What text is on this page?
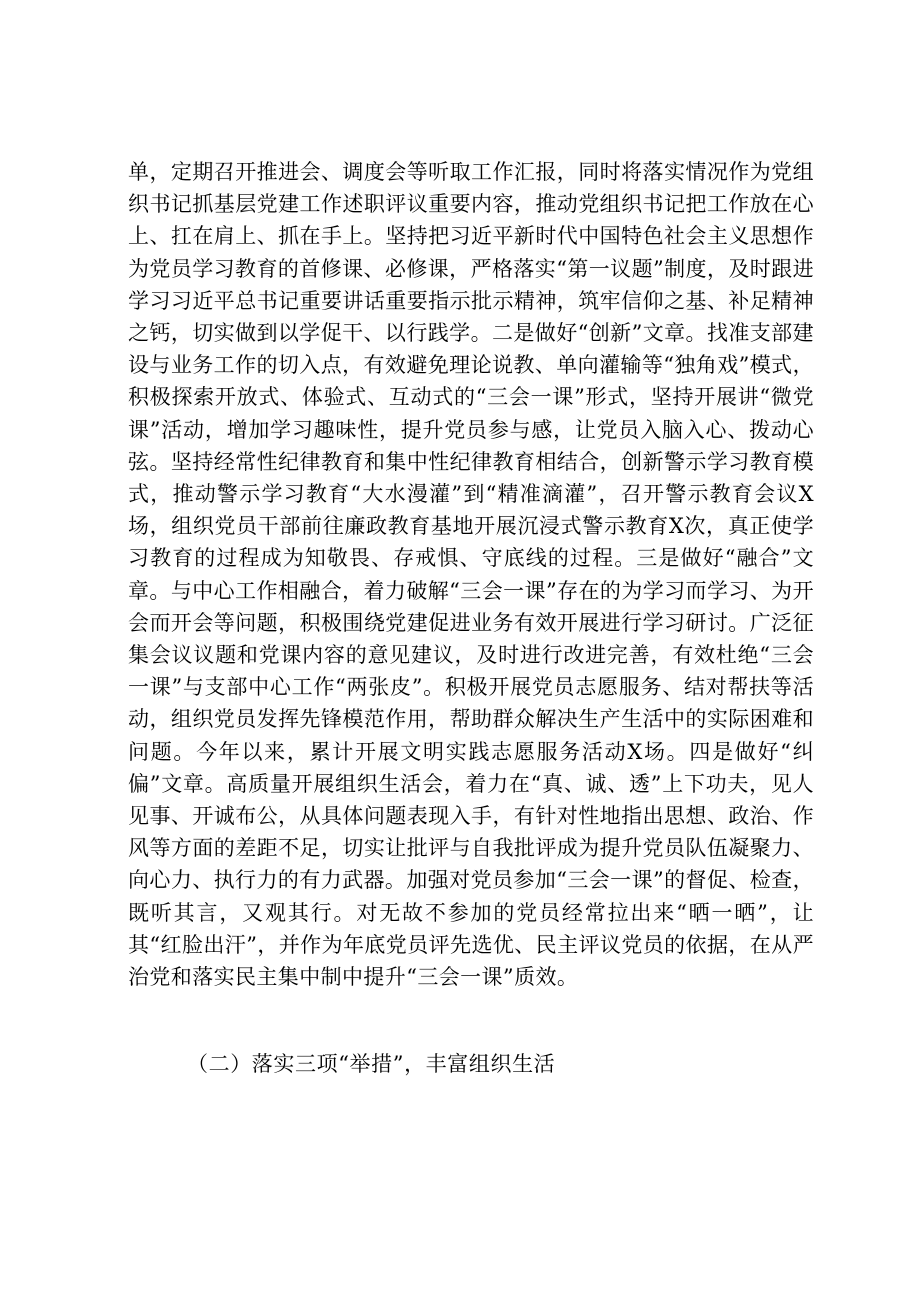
单，定期召开推进会、调度会等听取工作汇报，同时将落实情况作为党组织书记抓基层党建工作述职评议重要内容，推动党组织书记把工作放在心上、扛在肩上、抓在手上。坚持把习近平新时代中国特色社会主义思想作为党员学习教育的首修课、必修课，严格落实“第一议题”制度，及时跟进学习习近平总书记重要讲话重要指示批示精神，筑牢信仰之基、补足精神之钙，切实做到以学促干、以行践学。二是做好“创新”文章。找准支部建设与业务工作的切入点，有效避免理论说教、单向灌输等“独角戏”模式，积极探索开放式、体验式、互动式的“三会一课”形式，坚持开展讲“微党课”活动，增加学习趣味性，提升党员参与感，让党员入脑入心、拨动心弦。坚持经常性纪律教育和集中性纪律教育相结合，创新警示学习教育模式，推动警示学习教育“大水漫灌”到“精准滴灌”，召开警示教育会议X场，组织党员干部前往廉政教育基地开展沉浸式警示教育X次，真正使学习教育的过程成为知敬畏、存戒惧、守底线的过程。三是做好“融合”文章。与中心工作相融合，着力破解“三会一课”存在的为学习而学习、为开会而开会等问题，积极围绕党建促进业务有效开展进行学习研讨。广泛征集会议议题和党课内容的意见建议，及时进行改进完善，有效杜绝“三会一课”与支部中心工作“两张皮”。积极开展党员志愿服务、结对帮扶等活动，组织党员发挥先锋模范作用，帮助群众解决生产生活中的实际困难和问题。今年以来，累计开展文明实践志愿服务活动X场。四是做好“纠偏”文章。高质量开展组织生活会，着力在“真、诚、透”上下功夫，见人见事、开诚布公，从具体问题表现入手，有针对性地指出思想、政治、作风等方面的差距不足，切实让批评与自我批评成为提升党员队伍凝聚力、向心力、执行力的有力武器。加强对党员参加“三会一课”的督促、检查，既听其言，又观其行。对无故不参加的党员经常拉出来“晒一晒”，让其“红脸出汗”，并作为年底党员评先选优、民主评议党员的依据，在从严治党和落实民主集中制中提升“三会一课”质效。

（二）落实三项“举措”，丰富组织生活
